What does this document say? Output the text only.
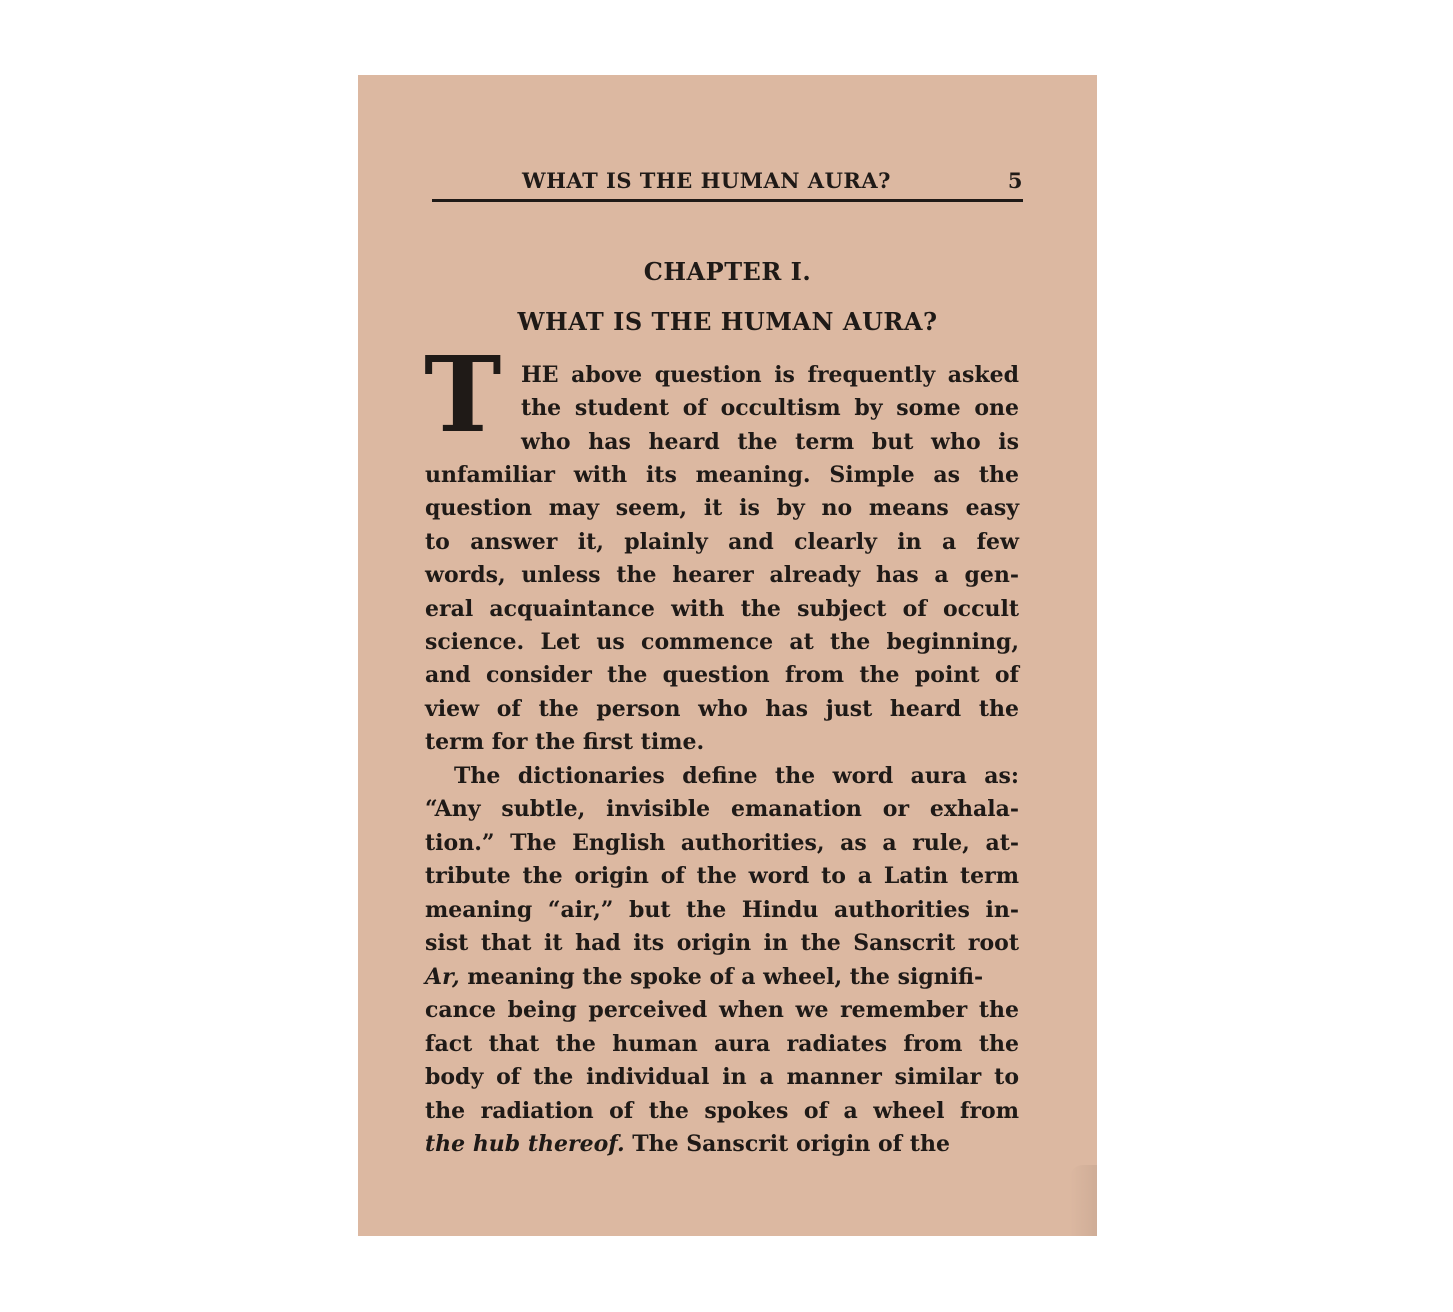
WHAT IS THE HUMAN AURA?	5
CHAPTER I.
WHAT IS THE HUMAN AURA?
T HE above question is frequently asked
the student of occultism by some one
who has heard the term but who is
unfamiliar with its meaning. Simple as the
question may seem, it is by no means easy
to answer it, plainly and clearly in a few
words, unless the hearer already has a gen-
eral acquaintance with the subject of occult
science. Let us commence at the beginning,
and consider the question from the point of
view of the person who has just heard the
term for the first time.
The dictionaries define the word aura as:
“Any subtle, invisible emanation or exhala-
tion.” The English authorities, as a rule, at-
tribute the origin of the word to a Latin term
meaning “air,” but the Hindu authorities in-
sist that it had its origin in the Sanscrit root
Ar, meaning the spoke of a wheel, the signifi-
cance being perceived when we remember the
fact that the human aura radiates from the
body of the individual in a manner similar to
the radiation of the spokes of a wheel from
the hub thereof. The Sanscrit origin of the
